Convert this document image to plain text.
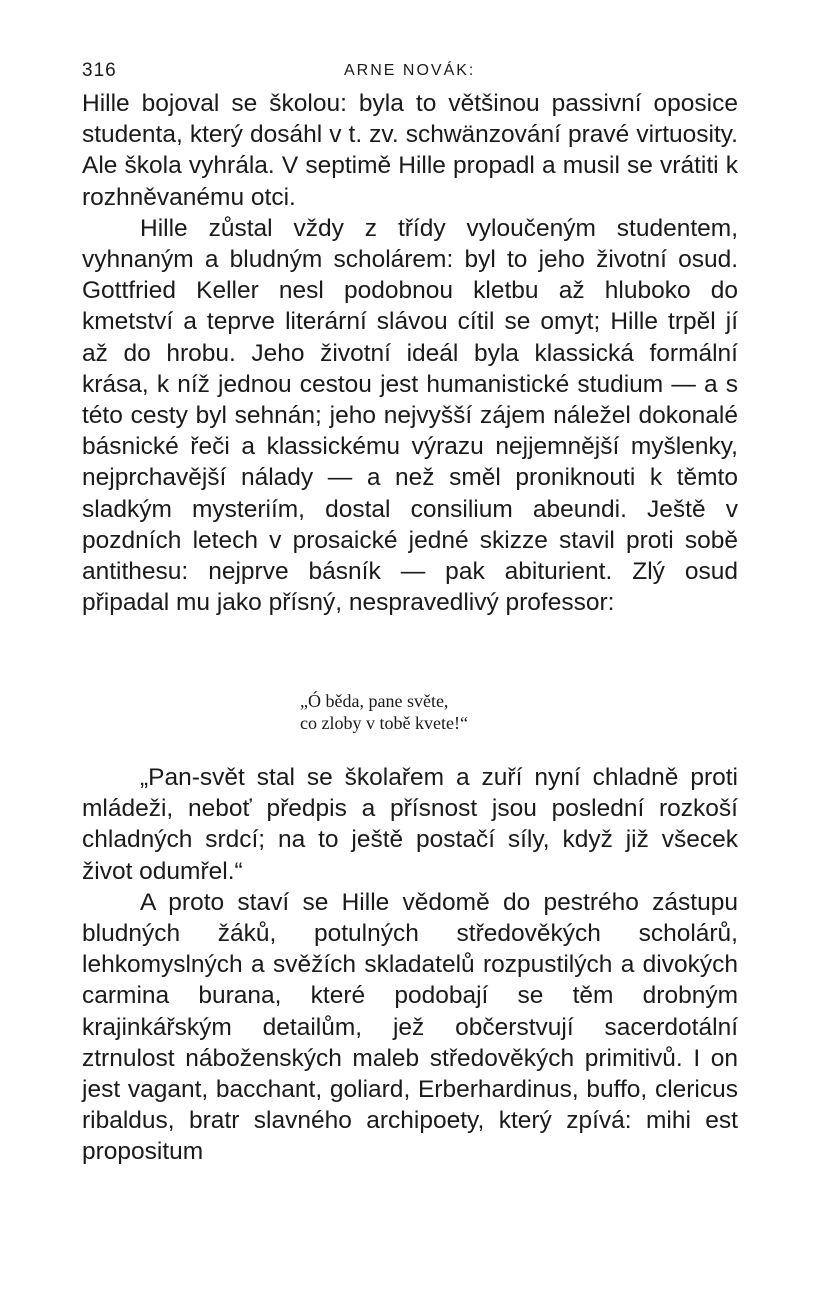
316	ARNE NOVÁK:

Hille bojoval se školou: byla to většinou passivní oposice studenta, který dosáhl v t. zv. schwänzování pravé virtuosity. Ale škola vyhrála. V septimě Hille propadl a musil se vrátiti k rozhněvanému otci.

Hille zůstal vždy z třídy vyloučeným studentem, vyhnaným a bludným scholárem: byl to jeho životní osud. Gottfried Keller nesl podobnou kletbu až hluboko do kmetství a teprve literární slávou cítil se omyt; Hille trpěl jí až do hrobu. Jeho životní ideál byla klassická formální krása, k níž jednou cestou jest humanistické studium — a s této cesty byl sehnán; jeho nejvyšší zájem náležel dokonalé básnické řeči a klassickému výrazu nejjemnější myšlenky, nejprchavější nálady — a než směl proniknouti k těmto sladkým mysteriím, dostal consilium abeundi. Ještě v pozdních letech v prosaické jedné skizze stavil proti sobě antithesu: nejprve básník — pak abiturient. Zlý osud připadal mu jako přísný, nespravedlivý professor:

„Ó běda, pane světe,
co zloby v tobě kvete!“

„Pan-svět stal se školařem a zuří nyní chladně proti mládeži, neboť předpis a přísnost jsou poslední rozkoší chladných srdcí; na to ještě postačí síly, když již všecek život odumřel.“

A proto staví se Hille vědomě do pestrého zástupu bludných žáků, potulných středověkých scholárů, lehkomyslných a svěžích skladatelů rozpustilých a divokých carmina burana, které podobají se těm drobným krajinkářským detailům, jež občerstvují sacerdotální ztrnulost náboženských maleb středověkých primitivů. I on jest vagant, bacchant, goliard, Erberhardinus, buffo, clericus ribaldus, bratr slavného archipoety, který zpívá: mihi est propositum
